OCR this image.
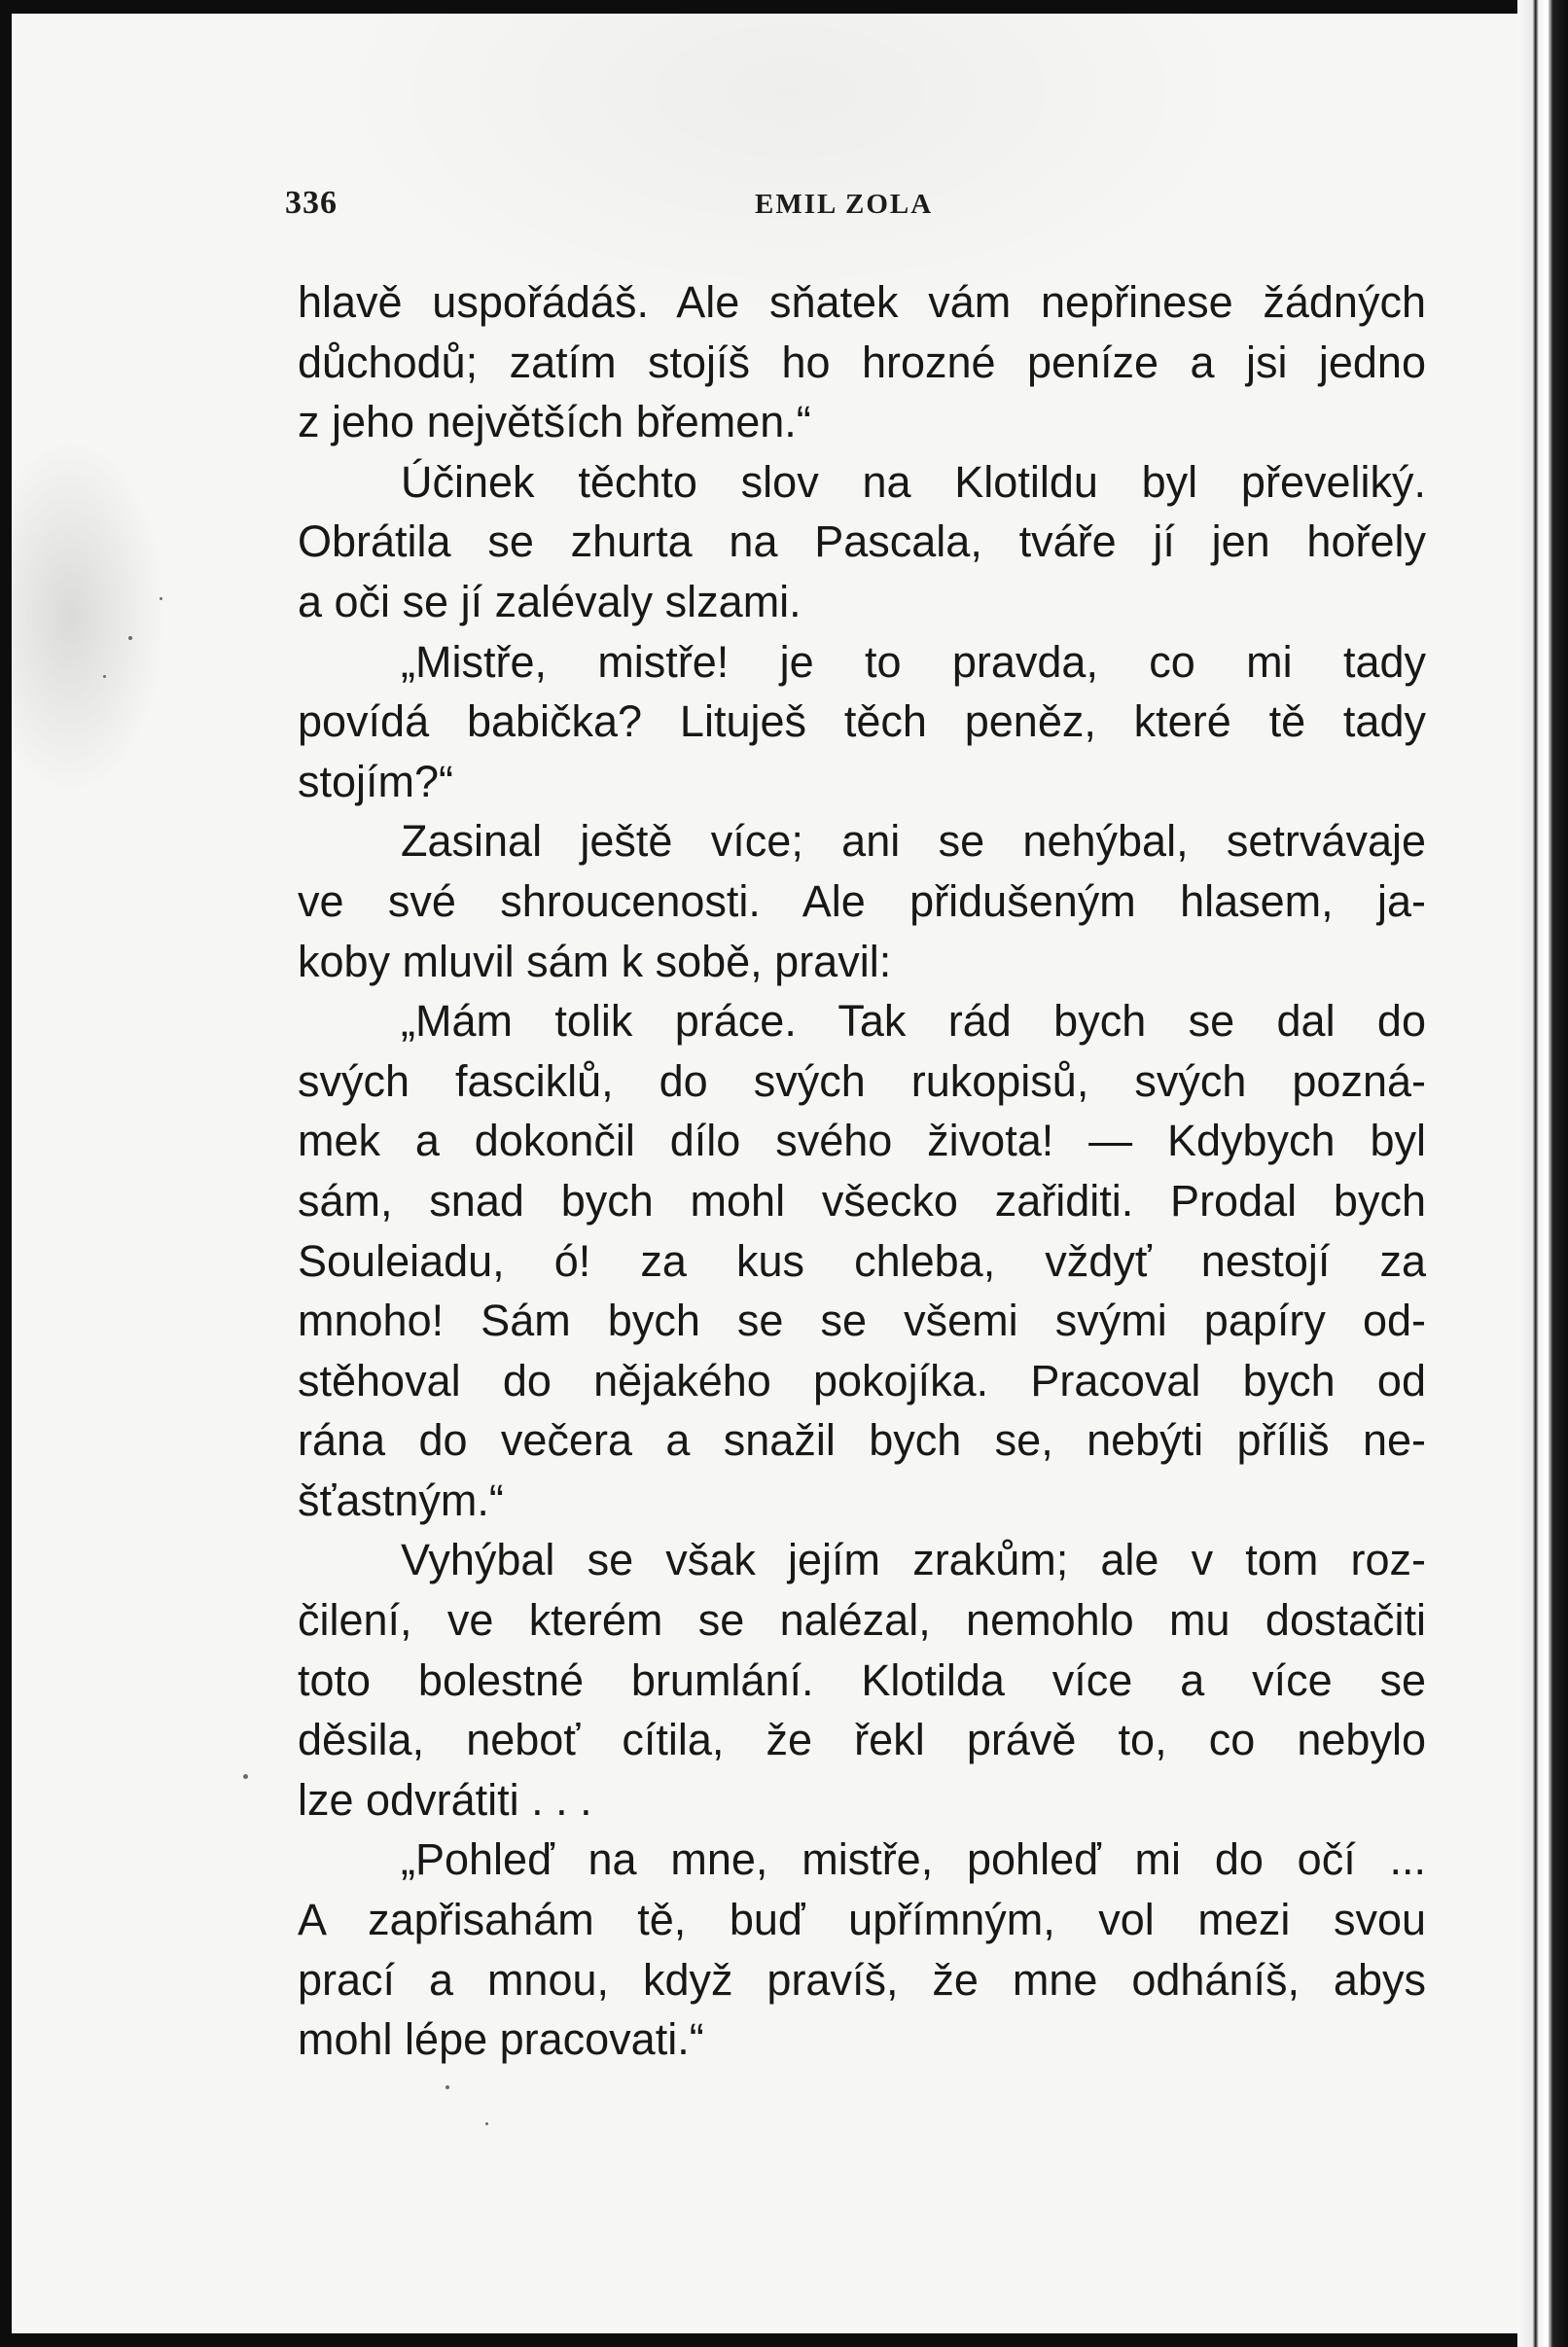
336	EMIL ZOLA

hlavě uspořádáš. Ale sňatek vám nepřinese žádných

důchodů; zatím stojíš ho hrozné peníze a jsi jedno

z jeho největších břemen.“

Účinek těchto slov na Klotildu byl převeliký.

Obrátila se zhurta na Pascala, tváře jí jen hořely

a oči se jí zalévaly slzami.

„Mistře, mistře! je to pravda, co mi tady

povídá babička? Lituješ těch peněz, které tě tady

stojím?“

Zasinal ještě více; ani se nehýbal, setrvávaje

ve své shroucenosti. Ale přidušeným hlasem, ja-

koby mluvil sám k sobě, pravil:

„Mám tolik práce. Tak rád bych se dal do

svých fasciklů, do svých rukopisů, svých pozná-

mek a dokončil dílo svého života! — Kdybych byl

sám, snad bych mohl všecko zařiditi. Prodal bych

Souleiadu, ó! za kus chleba, vždyť nestojí za

mnoho! Sám bych se se všemi svými papíry od-

stěhoval do nějakého pokojíka. Pracoval bych od

rána do večera a snažil bych se, nebýti příliš ne-

šťastným.“

Vyhýbal se však jejím zrakům; ale v tom roz-

čilení, ve kterém se nalézal, nemohlo mu dostačiti

toto bolestné brumlání. Klotilda více a více se

děsila, neboť cítila, že řekl právě to, co nebylo

lze odvrátiti . . .

„Pohleď na mne, mistře, pohleď mi do očí ...

A zapřisahám tě, buď upřímným, vol mezi svou

prací a mnou, když pravíš, že mne odháníš, abys

mohl lépe pracovati.“
